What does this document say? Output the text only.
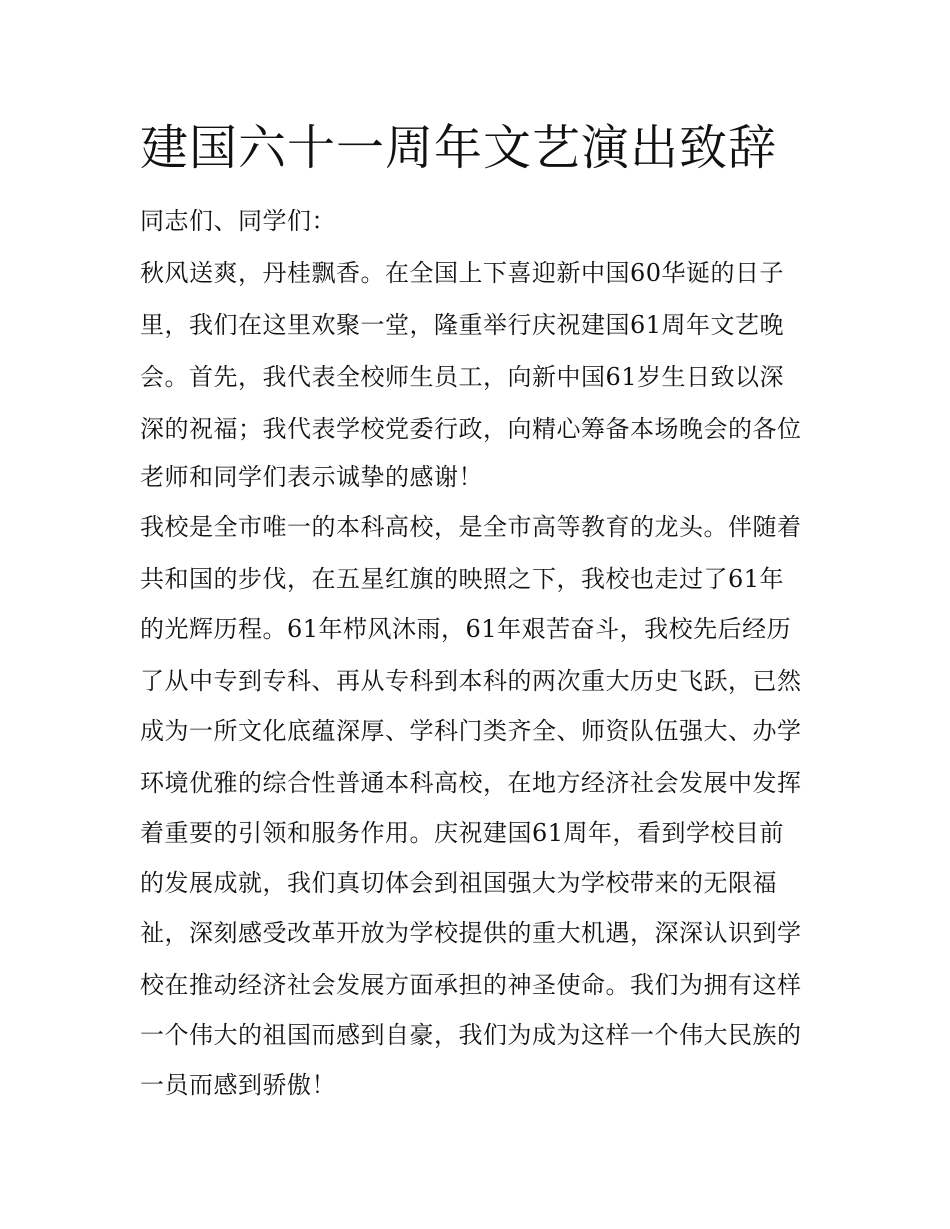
建国六十一周年文艺演出致辞

同志们、同学们：

秋风送爽，丹桂飘香。在全国上下喜迎新中国60华诞的日子

里，我们在这里欢聚一堂，隆重举行庆祝建国61周年文艺晚

会。首先，我代表全校师生员工，向新中国61岁生日致以深

深的祝福；我代表学校党委行政，向精心筹备本场晚会的各位

老师和同学们表示诚挚的感谢！

我校是全市唯一的本科高校，是全市高等教育的龙头。伴随着

共和国的步伐，在五星红旗的映照之下，我校也走过了61年

的光辉历程。61年栉风沐雨，61年艰苦奋斗，我校先后经历

了从中专到专科、再从专科到本科的两次重大历史飞跃，已然

成为一所文化底蕴深厚、学科门类齐全、师资队伍强大、办学

环境优雅的综合性普通本科高校，在地方经济社会发展中发挥

着重要的引领和服务作用。庆祝建国61周年，看到学校目前

的发展成就，我们真切体会到祖国强大为学校带来的无限福

祉，深刻感受改革开放为学校提供的重大机遇，深深认识到学

校在推动经济社会发展方面承担的神圣使命。我们为拥有这样

一个伟大的祖国而感到自豪，我们为成为这样一个伟大民族的

一员而感到骄傲！
